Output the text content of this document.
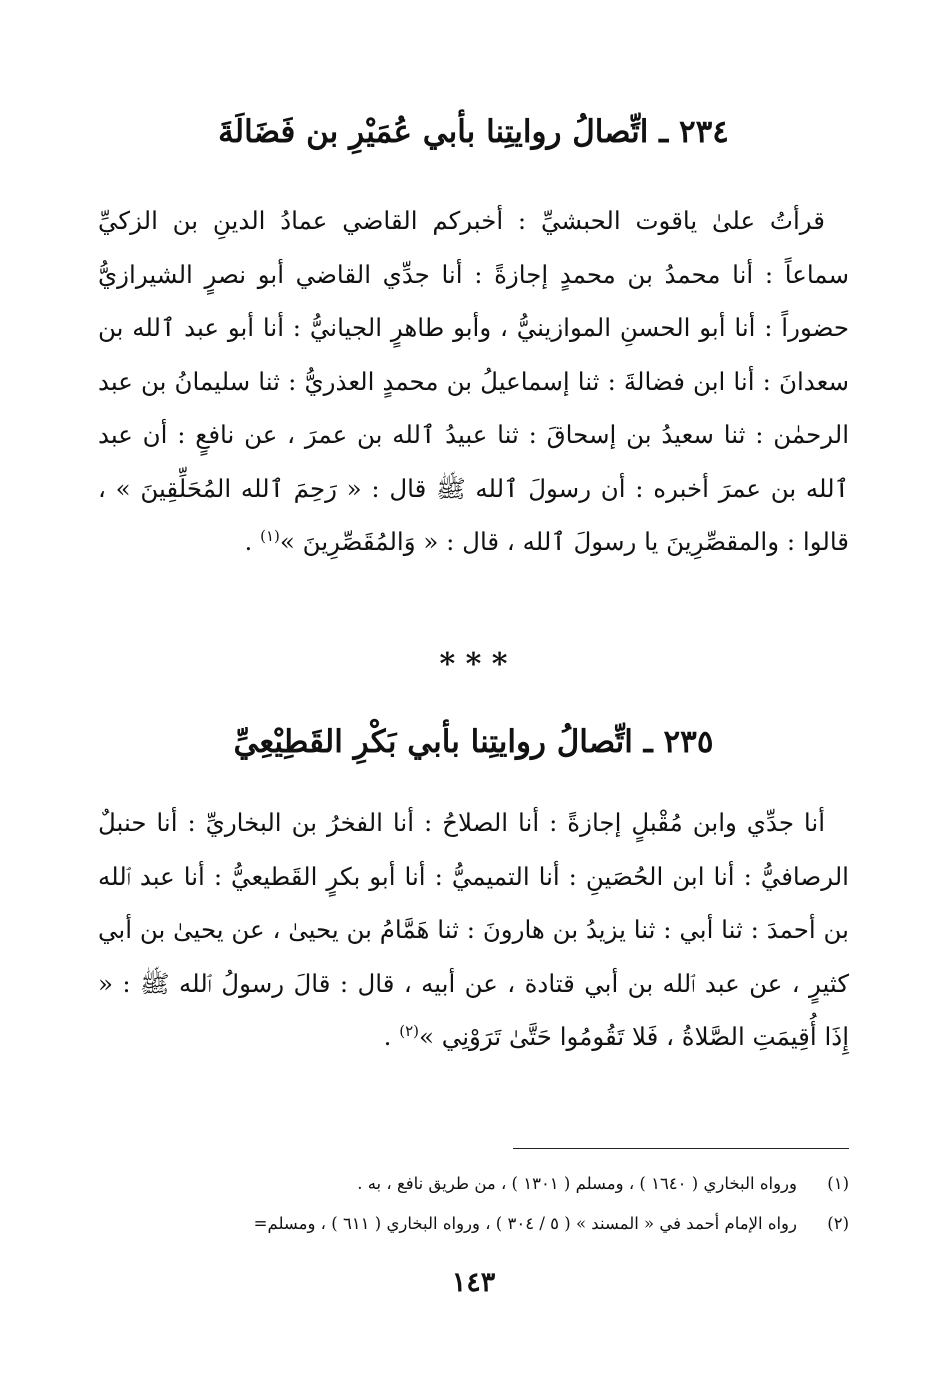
٢٣٤ ـ اتِّصالُ روايتِنا بأبي عُمَيْرِ بن فَضَالَةَ

قرأتُ علىٰ ياقوت الحبشيِّ : أخبركم القاضي عمادُ الدينِ بن الزكيِّ سماعاً : أنا محمدُ بن محمدٍ إجازةً : أنا جدِّي القاضي أبو نصرٍ الشيرازيُّ حضوراً : أنا أبو الحسنِ الموازينيُّ ، وأبو طاهرٍ الجيانيُّ : أنا أبو عبد ٱلله بن سعدانَ : أنا ابن فضالةَ : ثنا إسماعيلُ بن محمدٍ العذريُّ : ثنا سليمانُ بن عبد الرحمٰن : ثنا سعيدُ بن إسحاقَ : ثنا عبيدُ ٱلله بن عمرَ ، عن نافعٍ : أن عبد ٱلله بن عمرَ أخبره : أن رسولَ ٱلله ﷺ قال : « رَحِمَ ٱلله المُحَلِّقِينَ » ، قالوا : والمقصِّرِينَ يا رسولَ ٱلله ، قال : « وَالمُقَصِّرِينَ »$^{(١)}$ .

* * *
٢٣٥ ـ اتِّصالُ روايتِنا بأبي بَكْرِ القَطِيْعِيِّ

أنا جدِّي وابن مُقْبلٍ إجازةً : أنا الصلاحُ : أنا الفخرُ بن البخاريِّ : أنا حنبلٌ الرصافيُّ : أنا ابن الحُصَينِ : أنا التميميُّ : أنا أبو بكرٍ القَطيعيُّ : أنا عبد ٱلله بن أحمدَ : ثنا أبي : ثنا يزيدُ بن هارونَ : ثنا هَمَّامُ بن يحيىٰ ، عن يحيىٰ بن أبي كثيرٍ ، عن عبد ٱلله بن أبي قتادة ، عن أبيه ، قال : قالَ رسولُ ٱلله ﷺ : « إِذَا أُقِيمَتِ الصَّلاةُ ، فَلا تَقُومُوا حَتَّىٰ تَرَوْنِي »$^{(٢)}$ .

(١)ورواه البخاري ( ١٦٤٠ ) ، ومسلم ( ١٣٠١ ) ، من طريق نافع ، به .

(٢)رواه الإمام أحمد في « المسند » ( ٥ / ٣٠٤ ) ، ورواه البخاري ( ٦١١ ) ، ومسلم=

١٤٣
